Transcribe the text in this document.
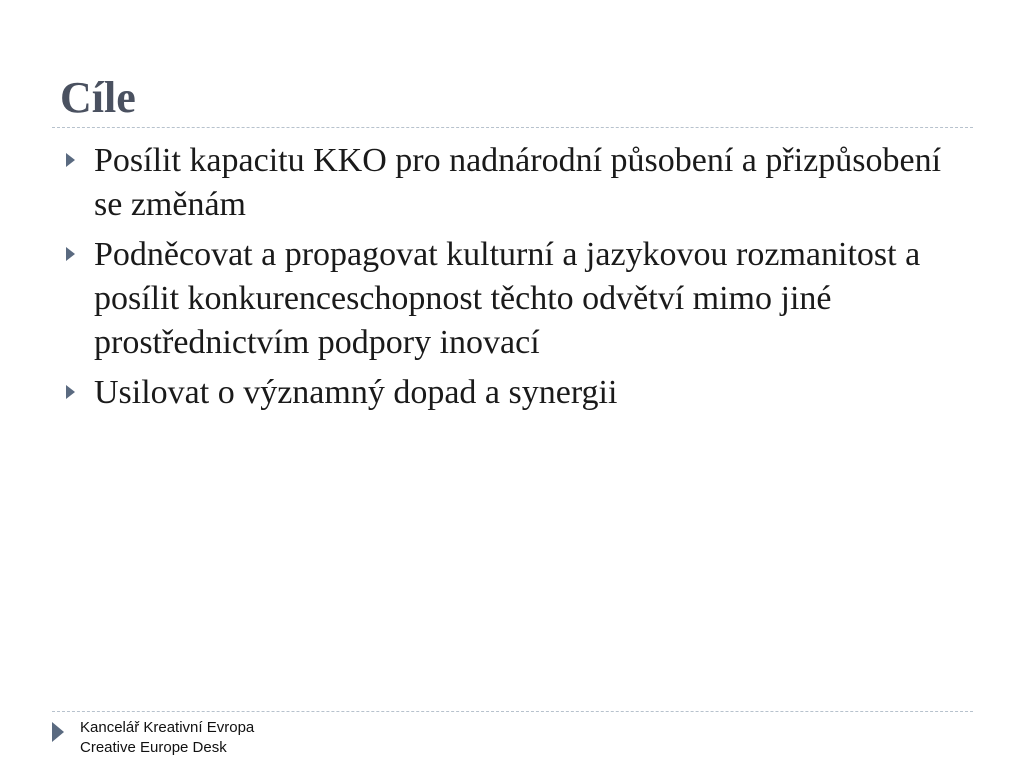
Cíle
Posílit kapacitu KKO pro nadnárodní působení a přizpůsobení se změnám
Podněcovat a propagovat kulturní a jazykovou rozmanitost a posílit konkurenceschopnost těchto odvětví mimo jiné prostřednictvím podpory inovací
Usilovat o významný dopad a synergii
Kancelář Kreativní Evropa
Creative Europe Desk
